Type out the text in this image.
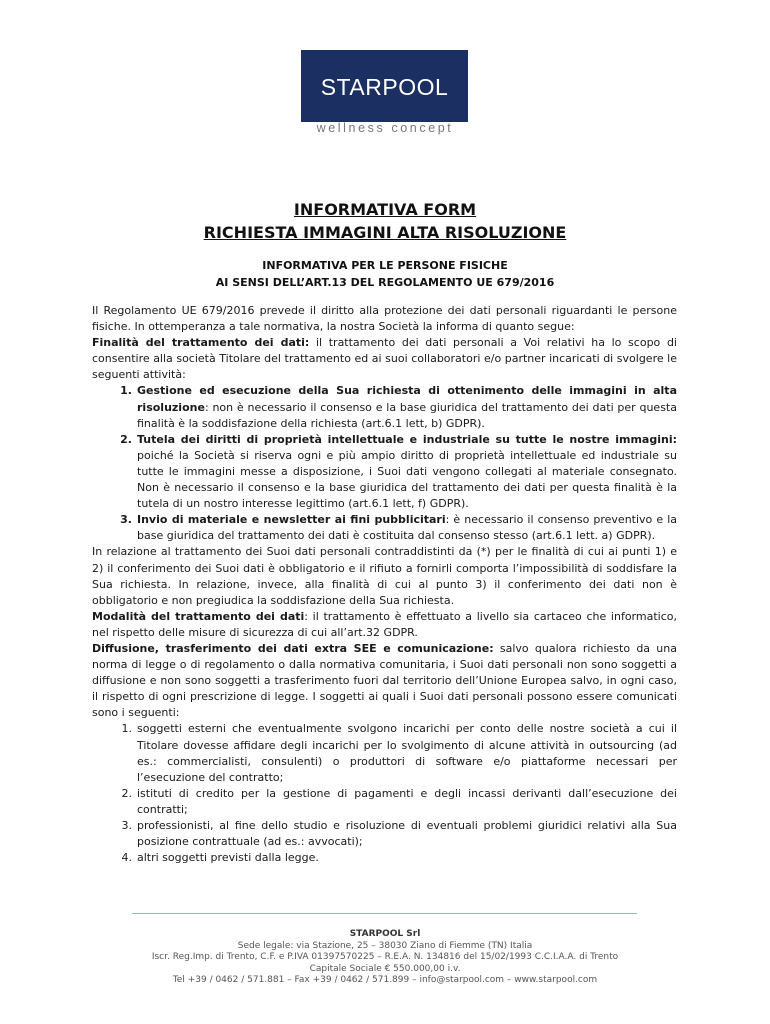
STARPOOL
wellness concept
INFORMATIVA FORM
RICHIESTA IMMAGINI ALTA RISOLUZIONE
INFORMATIVA PER LE PERSONE FISICHE
AI SENSI DELL’ART.13 DEL REGOLAMENTO UE 679/2016

Il Regolamento UE 679/2016 prevede il diritto alla protezione dei dati personali riguardanti le persone fisiche. In ottemperanza a tale normativa, la nostra Società la informa di quanto segue:

Finalità del trattamento dei dati: il trattamento dei dati personali a Voi relativi ha lo scopo di consentire alla società Titolare del trattamento ed ai suoi collaboratori e/o partner incaricati di svolgere le seguenti attività:

1. Gestione ed esecuzione della Sua richiesta di ottenimento delle immagini in alta risoluzione: non è necessario il consenso e la base giuridica del trattamento dei dati per questa finalità è la soddisfazione della richiesta (art.6.1 lett, b) GDPR).
2. Tutela dei diritti di proprietà intellettuale e industriale su tutte le nostre immagini: poiché la Società si riserva ogni e più ampio diritto di proprietà intellettuale ed industriale su tutte le immagini messe a disposizione, i Suoi dati vengono collegati al materiale consegnato. Non è necessario il consenso e la base giuridica del trattamento dei dati per questa finalità è la tutela di un nostro interesse legittimo (art.6.1 lett, f) GDPR).
3. Invio di materiale e newsletter ai fini pubblicitari: è necessario il consenso preventivo e la base giuridica del trattamento dei dati è costituita dal consenso stesso (art.6.1 lett. a) GDPR).

In relazione al trattamento dei Suoi dati personali contraddistinti da (*) per le finalità di cui ai punti 1) e 2) il conferimento dei Suoi dati è obbligatorio e il rifiuto a fornirli comporta l’impossibilità di soddisfare la Sua richiesta. In relazione, invece, alla finalità di cui al punto 3) il conferimento dei dati non è obbligatorio e non pregiudica la soddisfazione della Sua richiesta.

Modalità del trattamento dei dati: il trattamento è effettuato a livello sia cartaceo che informatico, nel rispetto delle misure di sicurezza di cui all’art.32 GDPR.

Diffusione, trasferimento dei dati extra SEE e comunicazione: salvo qualora richiesto da una norma di legge o di regolamento o dalla normativa comunitaria, i Suoi dati personali non sono soggetti a diffusione e non sono soggetti a trasferimento fuori dal territorio dell’Unione Europea salvo, in ogni caso, il rispetto di ogni prescrizione di legge. I soggetti ai quali i Suoi dati personali possono essere comunicati sono i seguenti:

1. soggetti esterni che eventualmente svolgono incarichi per conto delle nostre società a cui il Titolare dovesse affidare degli incarichi per lo svolgimento di alcune attività in outsourcing (ad es.: commercialisti, consulenti) o produttori di software e/o piattaforme necessari per l’esecuzione del contratto;
2. istituti di credito per la gestione di pagamenti e degli incassi derivanti dall’esecuzione dei contratti;
3. professionisti, al fine dello studio e risoluzione di eventuali problemi giuridici relativi alla Sua posizione contrattuale (ad es.: avvocati);
4. altri soggetti previsti dalla legge.
STARPOOL Srl
Sede legale: via Stazione, 25 – 38030 Ziano di Fiemme (TN) Italia
Iscr. Reg.Imp. di Trento, C.F. e P.IVA 01397570225 – R.E.A. N. 134816 del 15/02/1993 C.C.I.A.A. di Trento
Capitale Sociale € 550.000,00 i.v.
Tel +39 / 0462 / 571.881 – Fax +39 / 0462 / 571.899 – info@starpool.com – www.starpool.com
